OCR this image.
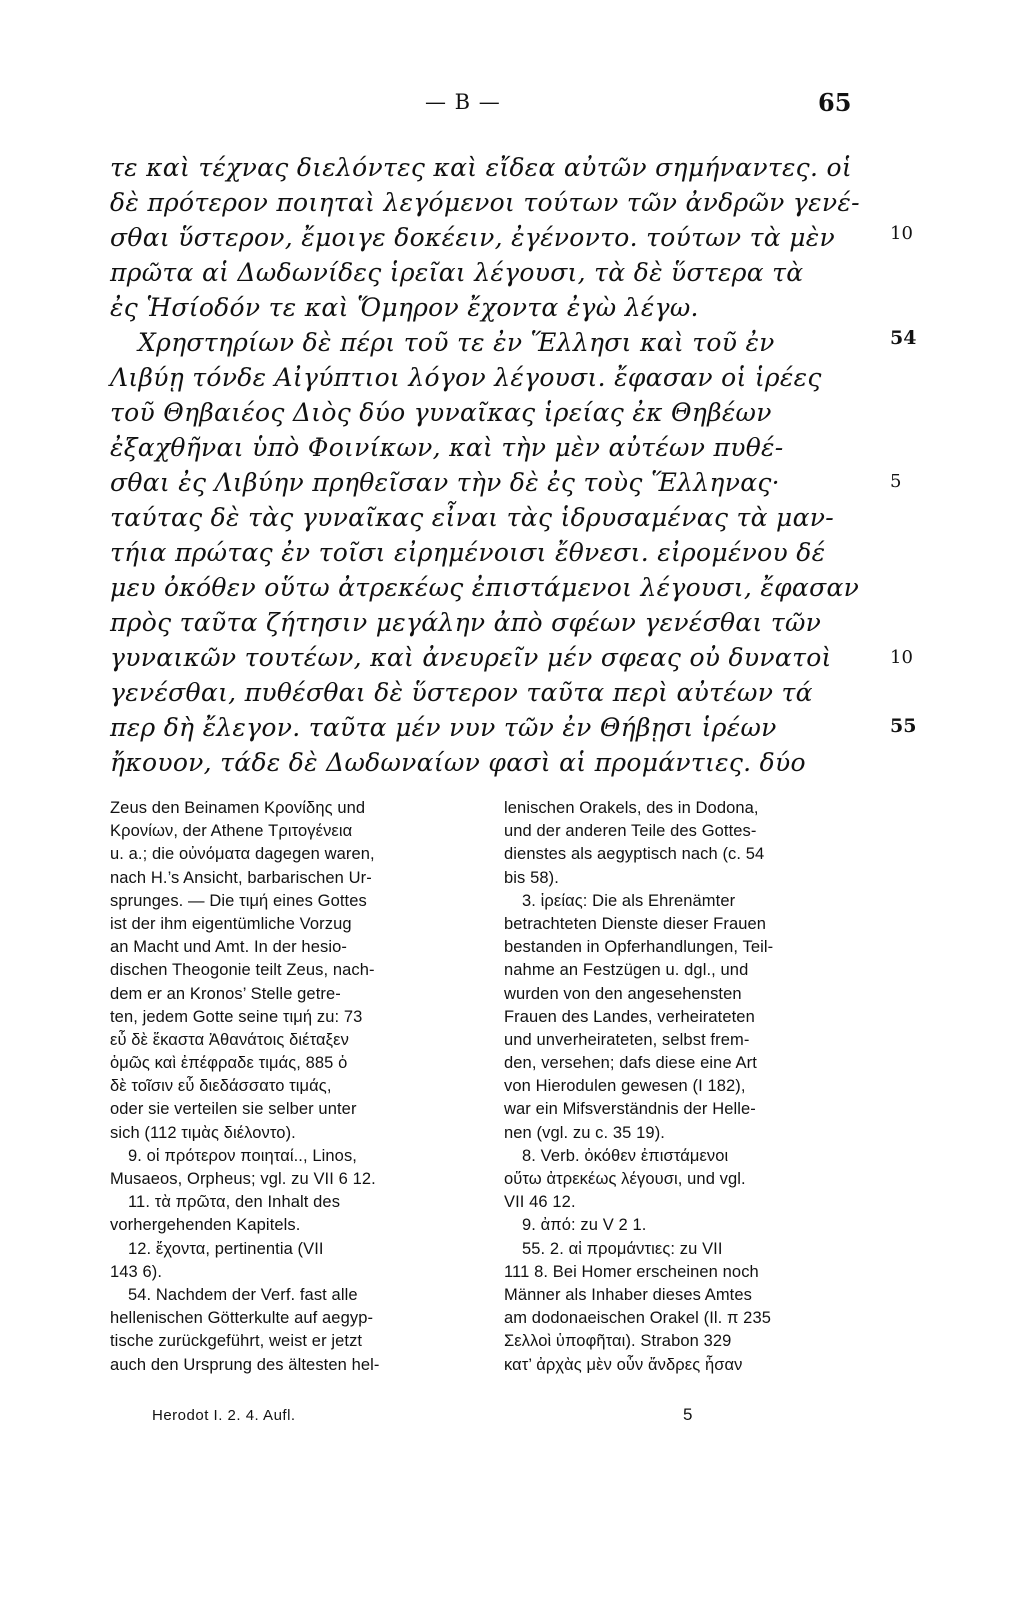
— B —	65
τε καὶ τέχνας διελόντες καὶ εἴδεα αὐτῶν σημήναντες. οἱ
δὲ πρότερον ποιηταὶ λεγόμενοι τούτων τῶν ἀνδρῶν γενέ-
σθαι ὕστερον, ἔμοιγε δοκέειν, ἐγένοντο. τούτων τὰ μὲν
πρῶτα αἱ Δωδωνίδες ἱρεῖαι λέγουσι, τὰ δὲ ὕστερα τὰ
ἐς Ἡσίοδόν τε καὶ Ὅμηρον ἔχοντα ἐγὼ λέγω.
Χρηστηρίων δὲ πέρι τοῦ τε ἐν Ἕλλησι καὶ τοῦ ἐν
Λιβύῃ τόνδε Αἰγύπτιοι λόγον λέγουσι. ἔφασαν οἱ ἱρέες
τοῦ Θηβαιέος Διὸς δύο γυναῖκας ἱρείας ἐκ Θηβέων
ἐξαχθῆναι ὑπὸ Φοινίκων, καὶ τὴν μὲν αὐτέων πυθέ-
σθαι ἐς Λιβύην πρηθεῖσαν τὴν δὲ ἐς τοὺς Ἕλληνας·
ταύτας δὲ τὰς γυναῖκας εἶναι τὰς ἱδρυσαμένας τὰ μαν-
τήια πρώτας ἐν τοῖσι εἰρημένοισι ἔθνεσι. εἰρομένου δέ
μευ ὀκόθεν οὕτω ἀτρεκέως ἐπιστάμενοι λέγουσι, ἔφασαν
πρὸς ταῦτα ζήτησιν μεγάλην ἀπὸ σφέων γενέσθαι τῶν
γυναικῶν τουτέων, καὶ ἀνευρεῖν μέν σφεας οὐ δυνατοὶ
γενέσθαι, πυθέσθαι δὲ ὕστερον ταῦτα περὶ αὐτέων τά
περ δὴ ἔλεγον. ταῦτα μέν νυν τῶν ἐν Θήβῃσι ἱρέων
ἤκουον, τάδε δὲ Δωδωναίων φασὶ αἱ προμάντιες. δύο
10
54
5
10
55
Zeus den Beinamen Κρονίδης und
Κρονίων, der Athene Τριτογένεια
u. a.; die οὐνόματα dagegen waren,
nach H.’s Ansicht, barbarischen Ur-
sprunges. — Die τιμή eines Gottes
ist der ihm eigentümliche Vorzug
an Macht und Amt. In der hesio-
dischen Theogonie teilt Zeus, nach-
dem er an Kronos’ Stelle getre-
ten, jedem Gotte seine τιμή zu: 73
εὖ δὲ ἕκαστα Ἀθανάτοις διέταξεν
ὁμῶς καὶ ἐπέφραδε τιμάς, 885 ὁ
δὲ τοῖσιν εὖ διεδάσσατο τιμάς,
oder sie verteilen sie selber unter
sich (112 τιμὰς διέλοντο).
9. οἱ πρότερον ποιηταί.., Linos,
Musaeos, Orpheus; vgl. zu VII 6 12.
11. τὰ πρῶτα, den Inhalt des
vorhergehenden Kapitels.
12. ἔχοντα, pertinentia (VII
143 6).
54. Nachdem der Verf. fast alle
hellenischen Götterkulte auf aegyp-
tische zurückgeführt, weist er jetzt
auch den Ursprung des ältesten hel-
lenischen Orakels, des in Dodona,
und der anderen Teile des Gottes-
dienstes als aegyptisch nach (c. 54
bis 58).
3. ἱρείας: Die als Ehrenämter
betrachteten Dienste dieser Frauen
bestanden in Opferhandlungen, Teil-
nahme an Festzügen u. dgl., und
wurden von den angesehensten
Frauen des Landes, verheirateten
und unverheirateten, selbst frem-
den, versehen; dafs diese eine Art
von Hierodulen gewesen (I 182),
war ein Mifsverständnis der Helle-
nen (vgl. zu c. 35 19).
8. Verb. ὀκόθεν ἐπιστάμενοι
οὕτω ἀτρεκέως λέγουσι, und vgl.
VII 46 12.
9. ἀπό: zu V 2 1.
55. 2. αἱ προμάντιες: zu VII
111 8. Bei Homer erscheinen noch
Männer als Inhaber dieses Amtes
am dodonaeischen Orakel (Il. π 235
Σελλοὶ ὑποφῆται). Strabon 329
κατ’ ἀρχὰς μὲν οὖν ἄνδρες ἦσαν
Herodot I. 2. 4. Aufl.	5
